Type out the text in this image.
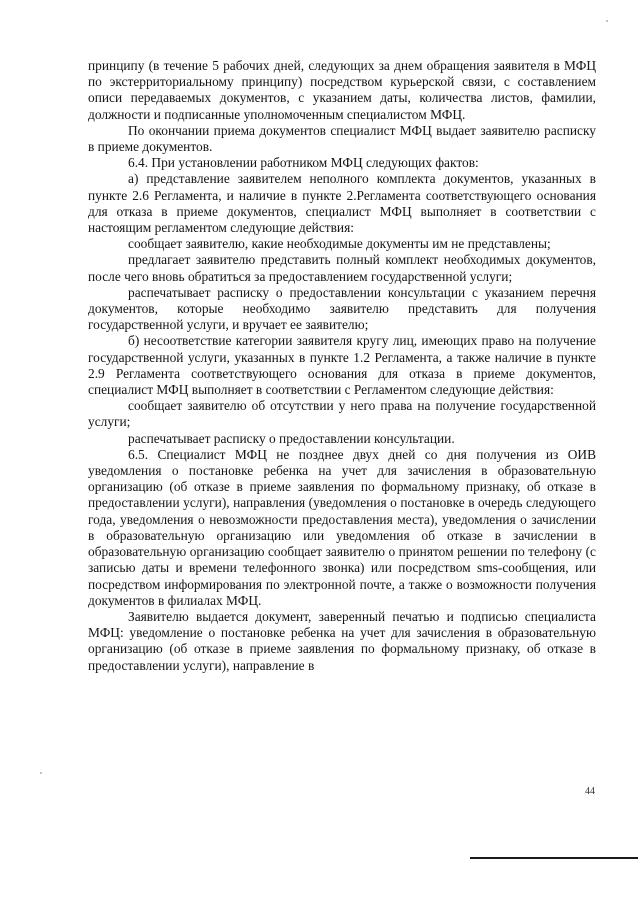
принципу (в течение 5 рабочих дней, следующих за днем обращения заявителя в МФЦ по экстерриториальному принципу) посредством курьерской связи, с составлением описи передаваемых документов, с указанием даты, количества листов, фамилии, должности и подписанные уполномоченным специалистом МФЦ.

По окончании приема документов специалист МФЦ выдает заявителю расписку в приеме документов.

6.4. При установлении работником МФЦ следующих фактов:

а) представление заявителем неполного комплекта документов, указанных в пункте 2.6 Регламента, и наличие в пункте 2.Регламента соответствующего основания для отказа в приеме документов, специалист МФЦ выполняет в соответствии с настоящим регламентом следующие действия:

сообщает заявителю, какие необходимые документы им не представлены;

предлагает заявителю представить полный комплект необходимых документов, после чего вновь обратиться за предоставлением государственной услуги;

распечатывает расписку о предоставлении консультации с указанием перечня документов, которые необходимо заявителю представить для получения государственной услуги, и вручает ее заявителю;

б) несоответствие категории заявителя кругу лиц, имеющих право на получение государственной услуги, указанных в пункте 1.2 Регламента, а также наличие в пункте 2.9 Регламента соответствующего основания для отказа в приеме документов, специалист МФЦ выполняет в соответствии с Регламентом следующие действия:

сообщает заявителю об отсутствии у него права на получение государственной услуги;

распечатывает расписку о предоставлении консультации.

6.5. Специалист МФЦ не позднее двух дней со дня получения из ОИВ уведомления о постановке ребенка на учет для зачисления в образовательную организацию (об отказе в приеме заявления по формальному признаку, об отказе в предоставлении услуги), направления (уведомления о постановке в очередь следующего года, уведомления о невозможности предоставления места), уведомления о зачислении в образовательную организацию или уведомления об отказе в зачислении в образовательную организацию сообщает заявителю о принятом решении по телефону (с записью даты и времени телефонного звонка) или посредством sms-сообщения, или посредством информирования по электронной почте, а также о возможности получения документов в филиалах МФЦ.

Заявителю выдается документ, заверенный печатью и подписью специалиста МФЦ: уведомление о постановке ребенка на учет для зачисления в образовательную организацию (об отказе в приеме заявления по формальному признаку, об отказе в предоставлении услуги), направление в

44
